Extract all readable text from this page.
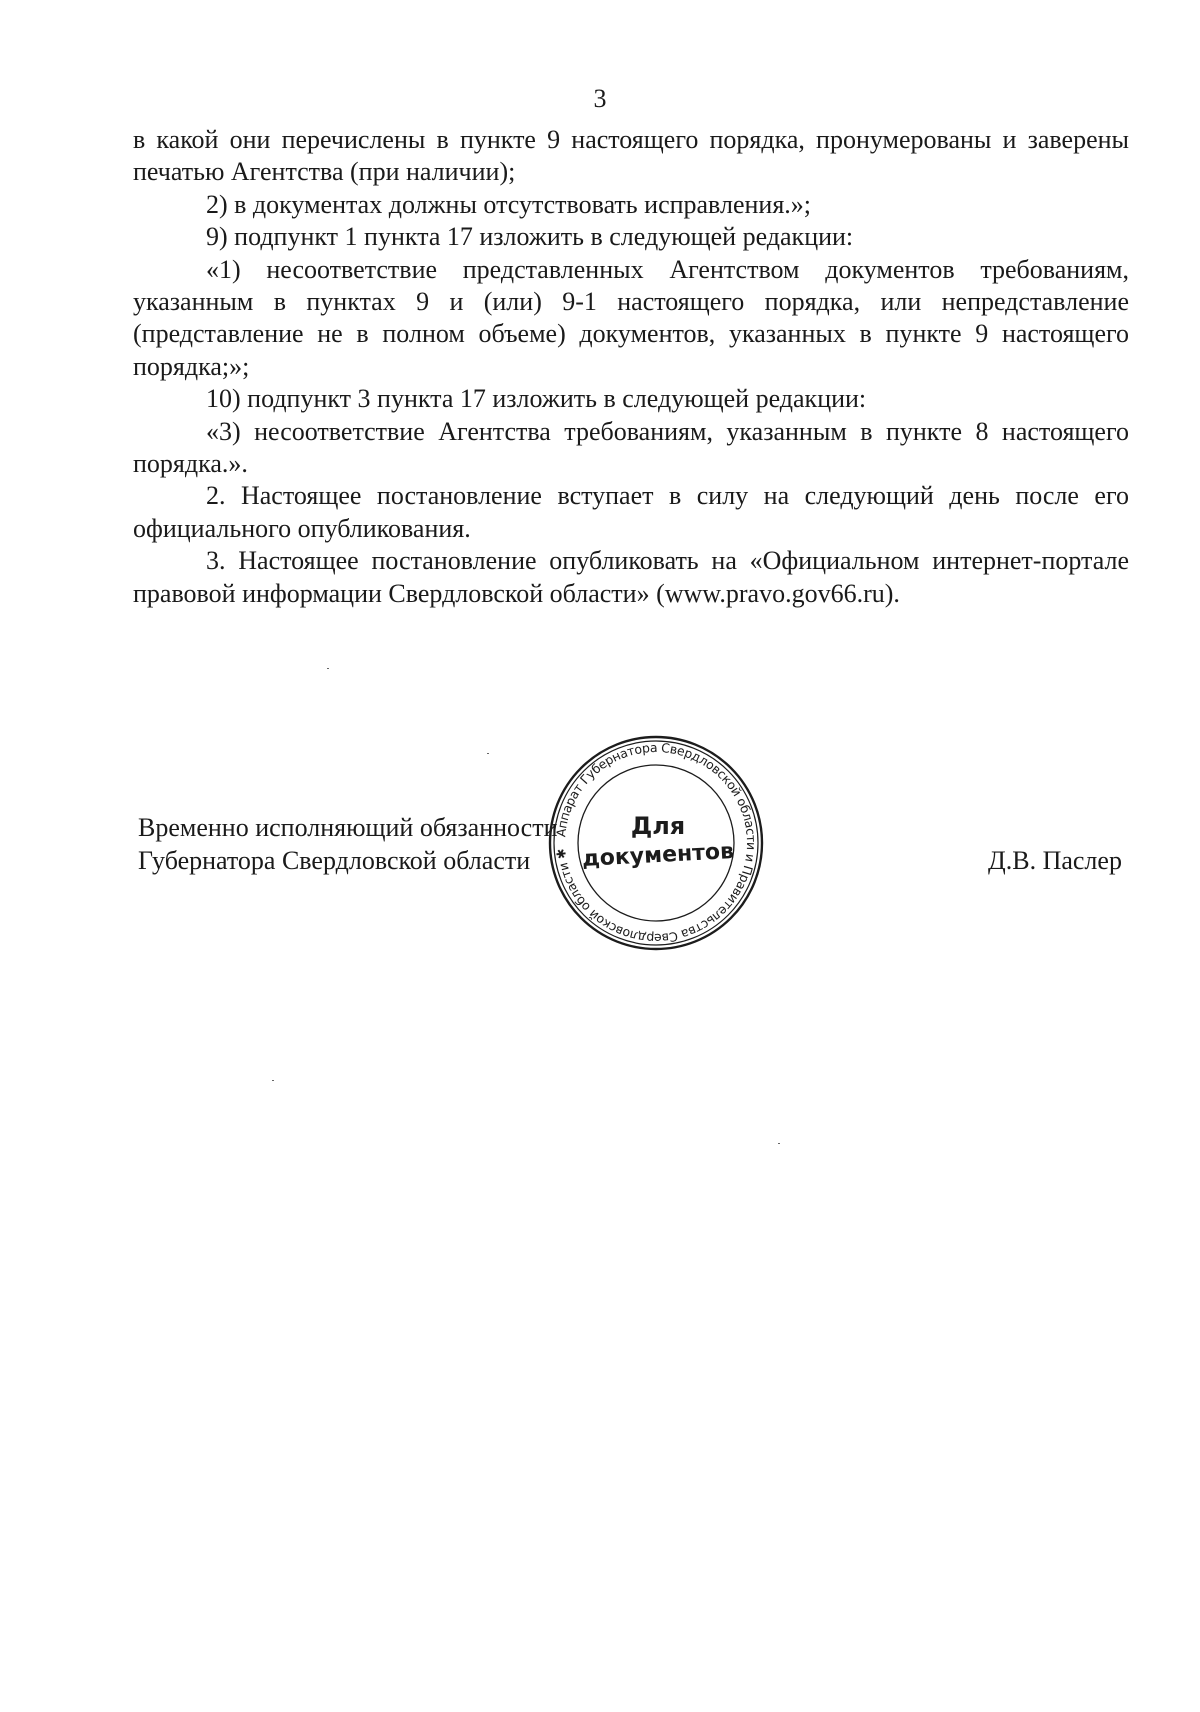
3

в какой они перечислены в пункте 9 настоящего порядка, пронумерованы и заверены печатью Агентства (при наличии);

2) в документах должны отсутствовать исправления.»;

9) подпункт 1 пункта 17 изложить в следующей редакции:

«1) несоответствие представленных Агентством документов требованиям, указанным в пунктах 9 и (или) 9-1 настоящего порядка, или непредставление (представление не в полном объеме) документов, указанных в пункте 9 настоящего порядка;»;

10) подпункт 3 пункта 17 изложить в следующей редакции:

«3) несоответствие Агентства требованиям, указанным в пункте 8 настоящего порядка.».

2. Настоящее постановление вступает в силу на следующий день после его официального опубликования.

3. Настоящее постановление опубликовать на «Официальном интернет-портале правовой информации Свердловской области» (www.pravo.gov66.ru).

Временно исполняющий обязанности
Губернатора Свердловской области	Д.В. Паслер
Аппарат Губернатора Свердловской области и Правительства Свердловской области ✱
Для
документов
